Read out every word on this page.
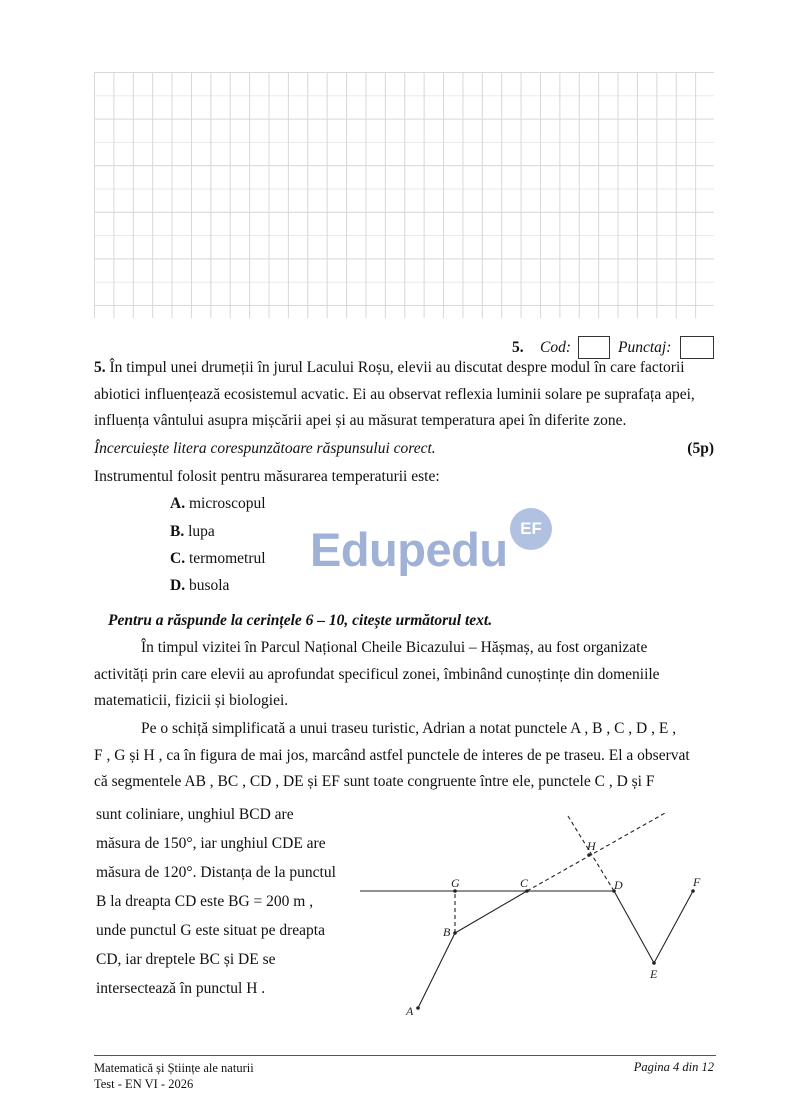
5. Cod:	Punctaj:
5. În timpul unei drumeții în jurul Lacului Roșu, elevii au discutat despre modul în care factorii
abiotici influențează ecosistemul acvatic. Ei au observat reflexia luminii solare pe suprafața apei,
influența vântului asupra mișcării apei și au măsurat temperatura apei în diferite zone.
Încercuiește litera corespunzătoare răspunsului corect.	(5p)
Instrumentul folosit pentru măsurarea temperaturii este:
A. microscopul
B. lupa
C. termometrul
D. busola
Edupedu EF
Pentru a răspunde la cerințele 6 – 10, citește următorul text.
În timpul vizitei în Parcul Național Cheile Bicazului – Hășmaș, au fost organizate
activități prin care elevii au aprofundat specificul zonei, îmbinând cunoștințe din domeniile
matematicii, fizicii și biologiei.
Pe o schiță simplificată a unui traseu turistic, Adrian a notat punctele A , B , C , D , E ,
F , G și H , ca în figura de mai jos, marcând astfel punctele de interes de pe traseu. El a observat
că segmentele AB , BC , CD , DE și EF sunt toate congruente între ele, punctele C , D și F
sunt coliniare, unghiul BCD are
măsura de 150°, iar unghiul CDE are
măsura de 120°. Distanța de la punctul
B la dreapta CD este BG = 200 m ,
unde punctul G este situat pe dreapta
CD, iar dreptele BC și DE se
intersectează în punctul H .
A
B
C	D
E
F
G
H
Matematică și Științe ale naturii
Test - EN VI - 2026
Pagina 4 din 12
